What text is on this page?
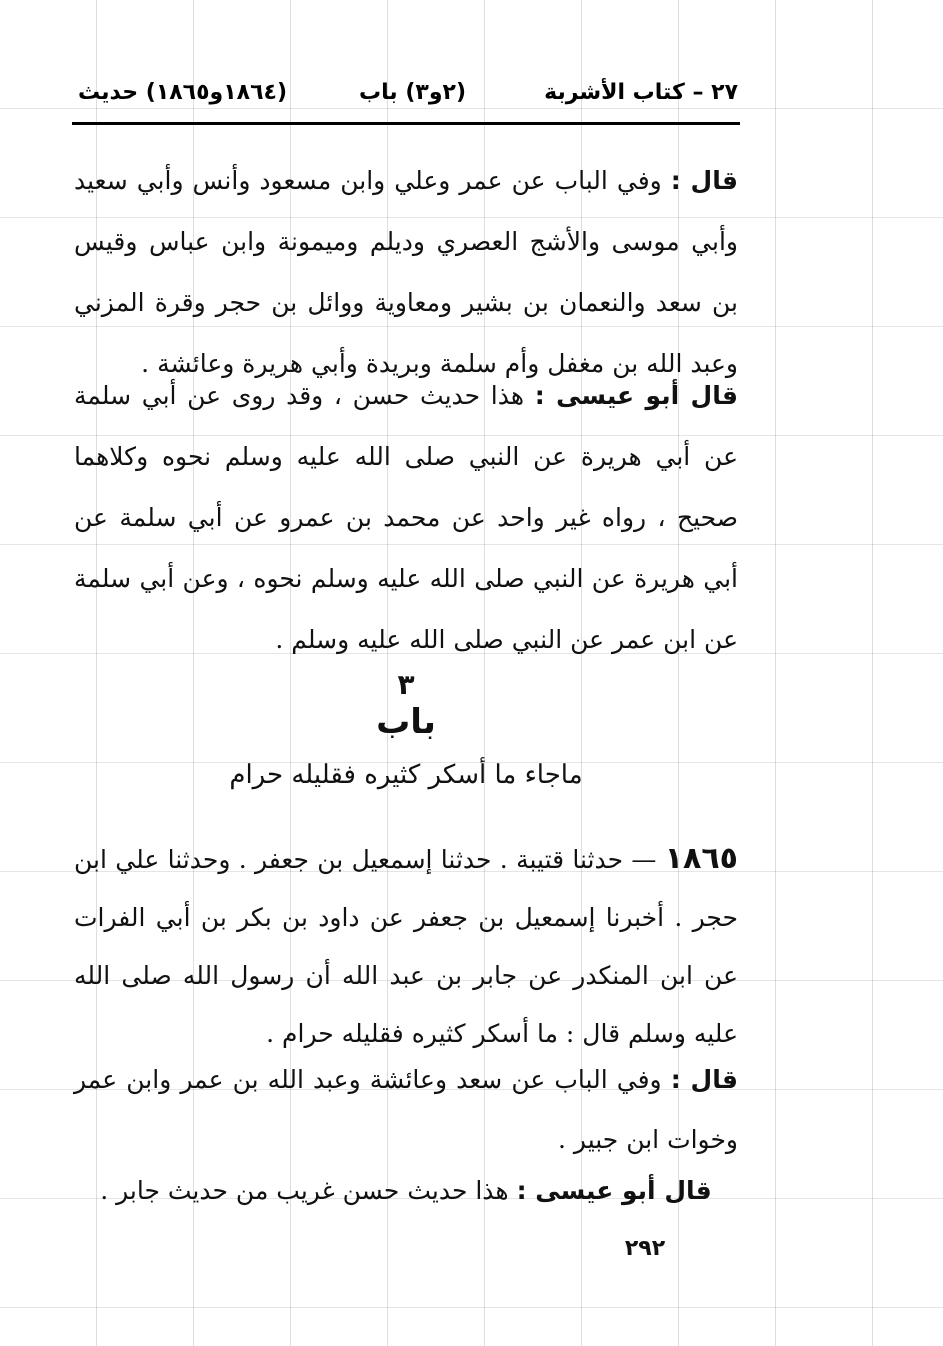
٢٧ – كتاب الأشربة
(٢و٣) باب
(١٨٦٤و١٨٦٥) حديث

قال : وفي الباب عن عمر وعلي وابن مسعود وأنس وأبي سعيد وأبي موسى والأشج العصري وديلم وميمونة وابن عباس وقيس بن سعد والنعمان بن بشير ومعاوية ووائل بن حجر وقرة المزني وعبد الله بن مغفل وأم سلمة وبريدة وأبي هريرة وعائشة .

قال أبو عيسى : هذا حديث حسن ، وقد روى عن أبي سلمة عن أبي هريرة عن النبي صلى الله عليه وسلم نحوه وكلاهما صحيح ، رواه غير واحد عن محمد بن عمرو عن أبي سلمة عن أبي هريرة عن النبي صلى الله عليه وسلم نحوه ، وعن أبي سلمة عن ابن عمر عن النبي صلى الله عليه وسلم .

٣
باب
ماجاء ما أسكر كثيره فقليله حرام

١٨٦٥ — حدثنا قتيبة . حدثنا إسمعيل بن جعفر . وحدثنا علي ابن حجر . أخبرنا إسمعيل بن جعفر عن داود بن بكر بن أبي الفرات عن ابن المنكدر عن جابر بن عبد الله أن رسول الله صلى الله عليه وسلم قال : ما أسكر كثيره فقليله حرام .

قال : وفي الباب عن سعد وعائشة وعبد الله بن عمر وابن عمر وخوات ابن جبير .

قال أبو عيسى : هذا حديث حسن غريب من حديث جابر .

٢٩٢
